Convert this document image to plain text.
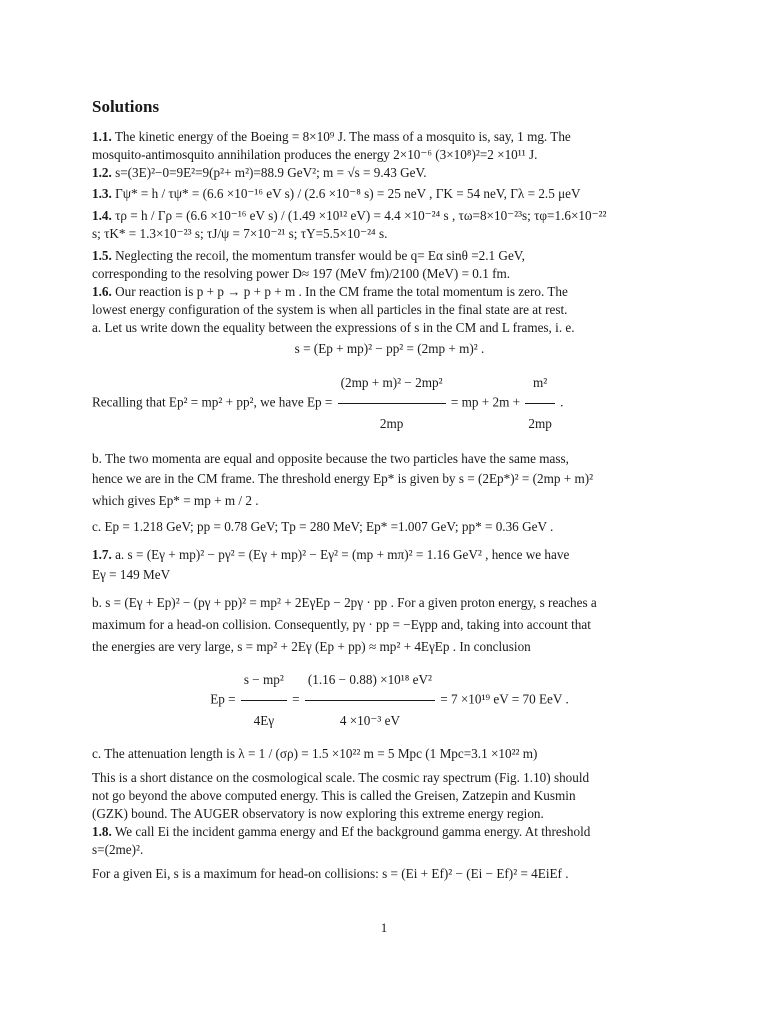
Solutions
1.1. The kinetic energy of the Boeing = 8×10⁹ J. The mass of a mosquito is, say, 1 mg. The
mosquito-antimosquito annihilation produces the energy 2×10⁻⁶ (3×10⁸)²=2 ×10¹¹ J.
1.2. s=(3E)²−0=9E²=9(p²+ m²)=88.9 GeV²; m = √s = 9.43 GeV.
1.3. Γψ* = h / τψ* = (6.6 ×10⁻¹⁶ eV s) / (2.6 ×10⁻⁸ s) = 25 neV , ΓK = 54 neV, Γλ = 2.5 μeV
1.4. τρ = h / Γρ = (6.6 ×10⁻¹⁶ eV s) / (1.49 ×10¹² eV) = 4.4 ×10⁻²⁴ s , τω=8×10⁻²³s; τφ=1.6×10⁻²²
s; τK* = 1.3×10⁻²³ s; τJ/ψ = 7×10⁻²¹ s; τΥ=5.5×10⁻²⁴ s.
1.5. Neglecting the recoil, the momentum transfer would be q= Eα sinθ =2.1 GeV,
corresponding to the resolving power D≈ 197 (MeV fm)/2100 (MeV) = 0.1 fm.
1.6. Our reaction is p + p → p + p + m . In the CM frame the total momentum is zero. The
lowest energy configuration of the system is when all particles in the final state are at rest.
a. Let us write down the equality between the expressions of s in the CM and L frames, i. e.
s = (Ep + mp)² − pp² = (2mp + m)² .
Recalling that Ep² = mp² + pp², we have $Ep = \frac{\text{(2mp + m)² − 2mp²}}{2mp}$ = mp + $2m + \frac{\text{m²}}{2mp}$ .
b. The two momenta are equal and opposite because the two particles have the same mass,
hence we are in the CM frame. The threshold energy Ep* is given by s = (2Ep*)² = (2mp + m)²
which gives Ep* = mp + m / 2 .
c. Ep = 1.218 GeV; pp = 0.78 GeV; Tp = 280 MeV; Ep* =1.007 GeV; pp* = 0.36 GeV .
1.7. a. s = (Eγ + mp)² − pγ² = (Eγ + mp)² − Eγ² = (mp + mπ)² = 1.16 GeV² , hence we have
Eγ = 149 MeV
b. s = (Eγ + Ep)² − (pγ + pp)² = mp² + 2EγEp − 2pγ · pp . For a given proton energy, s reaches a
maximum for a head-on collision. Consequently, pγ · pp = −Eγpp and, taking into account that
the energies are very large, s = mp² + 2Eγ (Ep + pp) ≈ mp² + 4EγEp . In conclusion
$Ep = \frac{\text{s − mp²}}{4E\gamma} = \frac{\text{(1.16 − 0.88) ×10¹⁸ eV²}}{\text{4 ×10⁻³ eV}} = 7 \times 10^{19}$ eV = 70 EeV .
c. The attenuation length is λ = 1 / (σρ) = 1.5 ×10²² m = 5 Mpc (1 Mpc=3.1 ×10²² m)
This is a short distance on the cosmological scale. The cosmic ray spectrum (Fig. 1.10) should
not go beyond the above computed energy. This is called the Greisen, Zatzepin and Kusmin
(GZK) bound. The AUGER observatory is now exploring this extreme energy region.
1.8. We call Ei the incident gamma energy and Ef the background gamma energy. At threshold
s=(2me)².
For a given Ei, s is a maximum for head-on collisions: s = (Ei + Ef)² − (Ei − Ef)² = 4EiEf .
1
